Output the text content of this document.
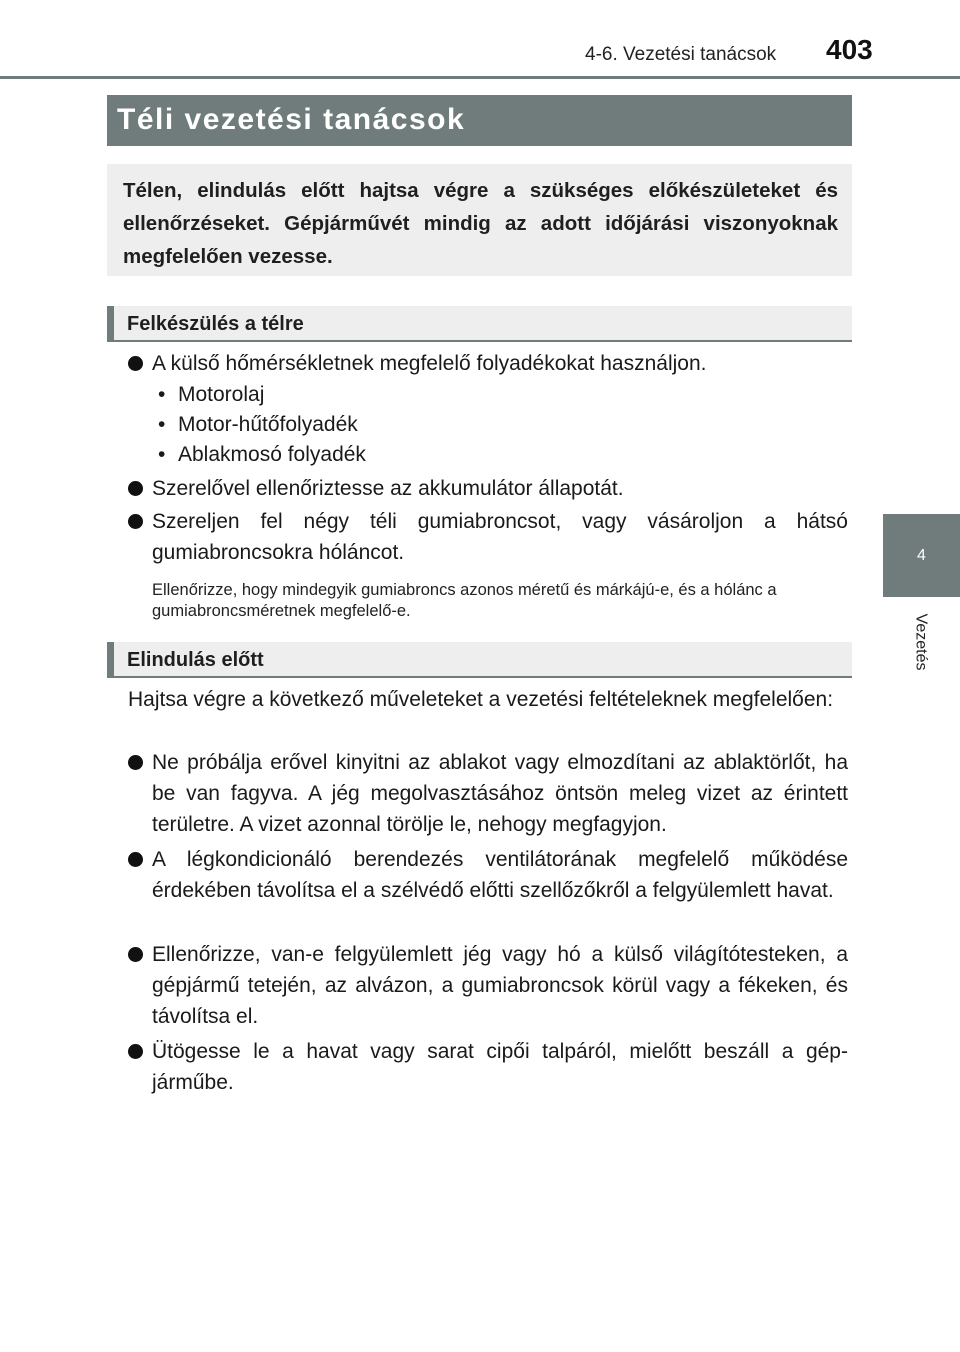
4-6. Vezetési tanácsok 403
4
Vezetés
Téli vezetési tanácsok
Télen, elindulás előtt hajtsa végre a szükséges előkészületeket és ellenőrzéseket. Gépjárművét mindig az adott időjárási viszonyoknak megfelelően vezesse.
Felkészülés a télre
A külső hőmérsékletnek megfelelő folyadékokat használjon.
• Motorolaj
• Motor-hűtőfolyadék
• Ablakmosó folyadék
Szerelővel ellenőriztesse az akkumulátor állapotát.
Szereljen fel négy téli gumiabroncsot, vagy vásároljon a hátsó gumiabroncsokra hóláncot.
Ellenőrizze, hogy mindegyik gumiabroncs azonos méretű és márkájú-e, és a hólánc a gumiabroncsméretnek megfelelő-e.
Elindulás előtt
Hajtsa végre a következő műveleteket a vezetési feltételeknek megfelelően:
Ne próbálja erővel kinyitni az ablakot vagy elmozdítani az ablaktörlőt, ha be van fagyva. A jég megolvasztásához öntsön meleg vizet az érintett területre. A vizet azonnal törölje le, nehogy megfagyjon.
A légkondicionáló berendezés ventilátorának megfelelő működése érdekében távolítsa el a szélvédő előtti szellőzőkről a felgyülemlett havat.
Ellenőrizze, van-e felgyülemlett jég vagy hó a külső világítótesteken, a gépjármű tetején, az alvázon, a gumiabroncsok körül vagy a fékeken, és távolítsa el.
Ütögesse le a havat vagy sarat cipői talpáról, mielőtt beszáll a gépjárműbe.
